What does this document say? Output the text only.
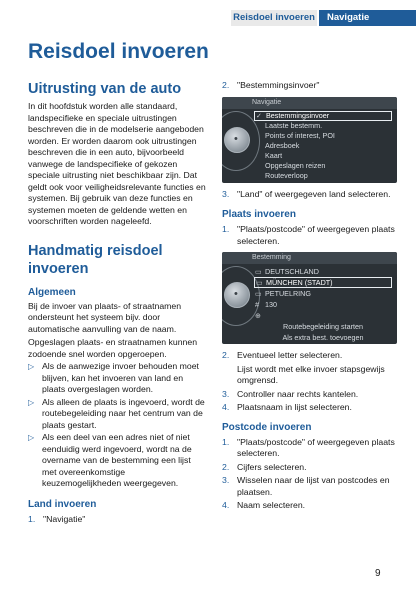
Reisdoel invoeren	Navigatie
Reisdoel invoeren
Uitrusting van de auto
In dit hoofdstuk worden alle standaard, landspecifieke en speciale uitrustingen beschreven die in de modelserie aangeboden worden. Er worden daarom ook uitrustingen beschreven die in een auto, bijvoorbeeld vanwege de landspecifieke of gekozen speciale uitrusting niet beschikbaar zijn. Dat geldt ook voor veiligheidsrelevante functies en systemen. Bij gebruik van deze functies en systemen moeten de geldende wetten en voorschriften worden nageleefd.
Handmatig reisdoel invoeren
Algemeen
Bij de invoer van plaats- of straatnamen ondersteunt het systeem bijv. door automatische aanvulling van de naam.
Opgeslagen plaats- en straatnamen kunnen zodoende snel worden opgeroepen.
▷ Als de aanwezige invoer behouden moet blijven, kan het invoeren van land en plaats overgeslagen worden.
▷ Als alleen de plaats is ingevoerd, wordt de routebegeleiding naar het centrum van de plaats gestart.
▷ Als een deel van een adres niet of niet eenduidig werd ingevoerd, wordt na de overname van de bestemming een lijst met overeenkomstige keuzemogelijkheden weergegeven.
Land invoeren
1. "Navigatie"
2. "Bestemmingsinvoer"
Navigatie
•
✓ Bestemmingsinvoer
Laatste bestemm.
Points of interest, POI
Adresboek
Kaart
Opgeslagen reizen
Routeverloop
3. "Land" of weergegeven land selecteren.
Plaats invoeren
1. "Plaats/postcode" of weergegeven plaats selecteren.
Bestemming
•
▭ DEUTSCHLAND
▭ MÜNCHEN (STADT)
▭ PETUELRING
# 130
⊕
Routebegeleiding starten
Als extra best. toevoegen
2. Eventueel letter selecteren.
Lijst wordt met elke invoer stapsgewijs omgrensd.
3. Controller naar rechts kantelen.
4. Plaatsnaam in lijst selecteren.
Postcode invoeren
1. "Plaats/postcode" of weergegeven plaats selecteren.
2. Cijfers selecteren.
3. Wisselen naar de lijst van postcodes en plaatsen.
4. Naam selecteren.
9
